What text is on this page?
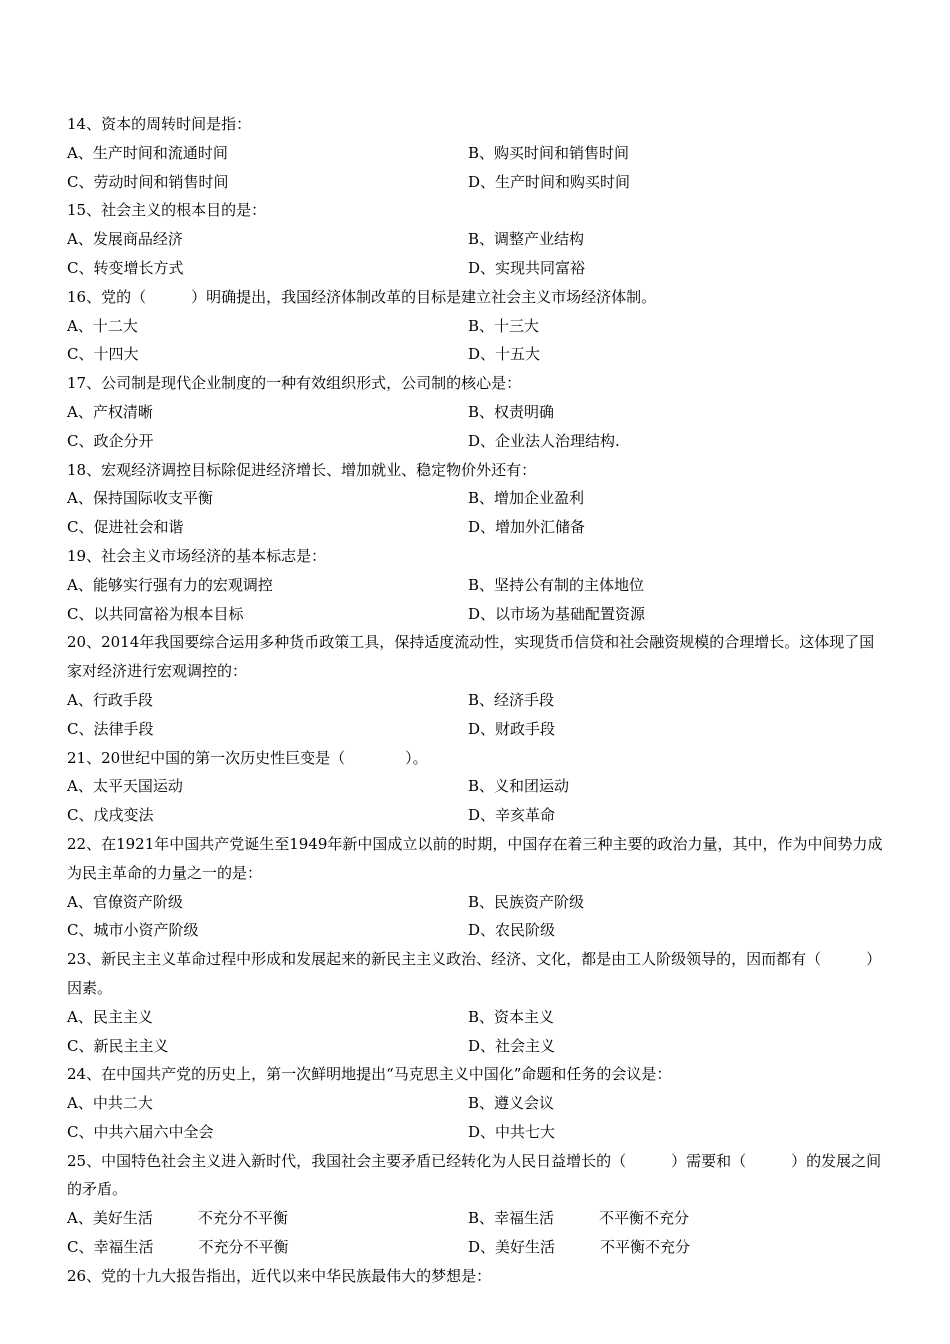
14、资本的周转时间是指：
A、生产时间和流通时间	B、购买时间和销售时间
C、劳动时间和销售时间	D、生产时间和购买时间
15、社会主义的根本目的是：
A、发展商品经济	B、调整产业结构
C、转变增长方式	D、实现共同富裕
16、党的（　　　）明确提出，我国经济体制改革的目标是建立社会主义市场经济体制。
A、十二大	B、十三大
C、十四大	D、十五大
17、公司制是现代企业制度的一种有效组织形式，公司制的核心是：
A、产权清晰	B、权责明确
C、政企分开	D、企业法人治理结构.
18、宏观经济调控目标除促进经济增长、增加就业、稳定物价外还有：
A、保持国际收支平衡	B、增加企业盈利
C、促进社会和谐	D、增加外汇储备
19、社会主义市场经济的基本标志是：
A、能够实行强有力的宏观调控	B、坚持公有制的主体地位
C、以共同富裕为根本目标	D、以市场为基础配置资源
20、2014年我国要综合运用多种货币政策工具，保持适度流动性，实现货币信贷和社会融资规模的合理增长。这体现了国家对经济进行宏观调控的：
A、行政手段	B、经济手段
C、法律手段	D、财政手段
21、20世纪中国的第一次历史性巨变是（　　　　）。
A、太平天国运动	B、义和团运动
C、戊戌变法	D、辛亥革命
22、在1921年中国共产党诞生至1949年新中国成立以前的时期，中国存在着三种主要的政治力量，其中，作为中间势力成为民主革命的力量之一的是：
A、官僚资产阶级	B、民族资产阶级
C、城市小资产阶级	D、农民阶级
23、新民主主义革命过程中形成和发展起来的新民主主义政治、经济、文化，都是由工人阶级领导的，因而都有（　　　）因素。
A、民主主义	B、资本主义
C、新民主主义	D、社会主义
24、在中国共产党的历史上，第一次鲜明地提出“马克思主义中国化”命题和任务的会议是：
A、中共二大	B、遵义会议
C、中共六届六中全会	D、中共七大
25、中国特色社会主义进入新时代，我国社会主要矛盾已经转化为人民日益增长的（　　　）需要和（　　　）的发展之间的矛盾。
A、美好生活　　　不充分不平衡	B、幸福生活　　　不平衡不充分
C、幸福生活　　　不充分不平衡	D、美好生活　　　不平衡不充分
26、党的十九大报告指出，近代以来中华民族最伟大的梦想是：
